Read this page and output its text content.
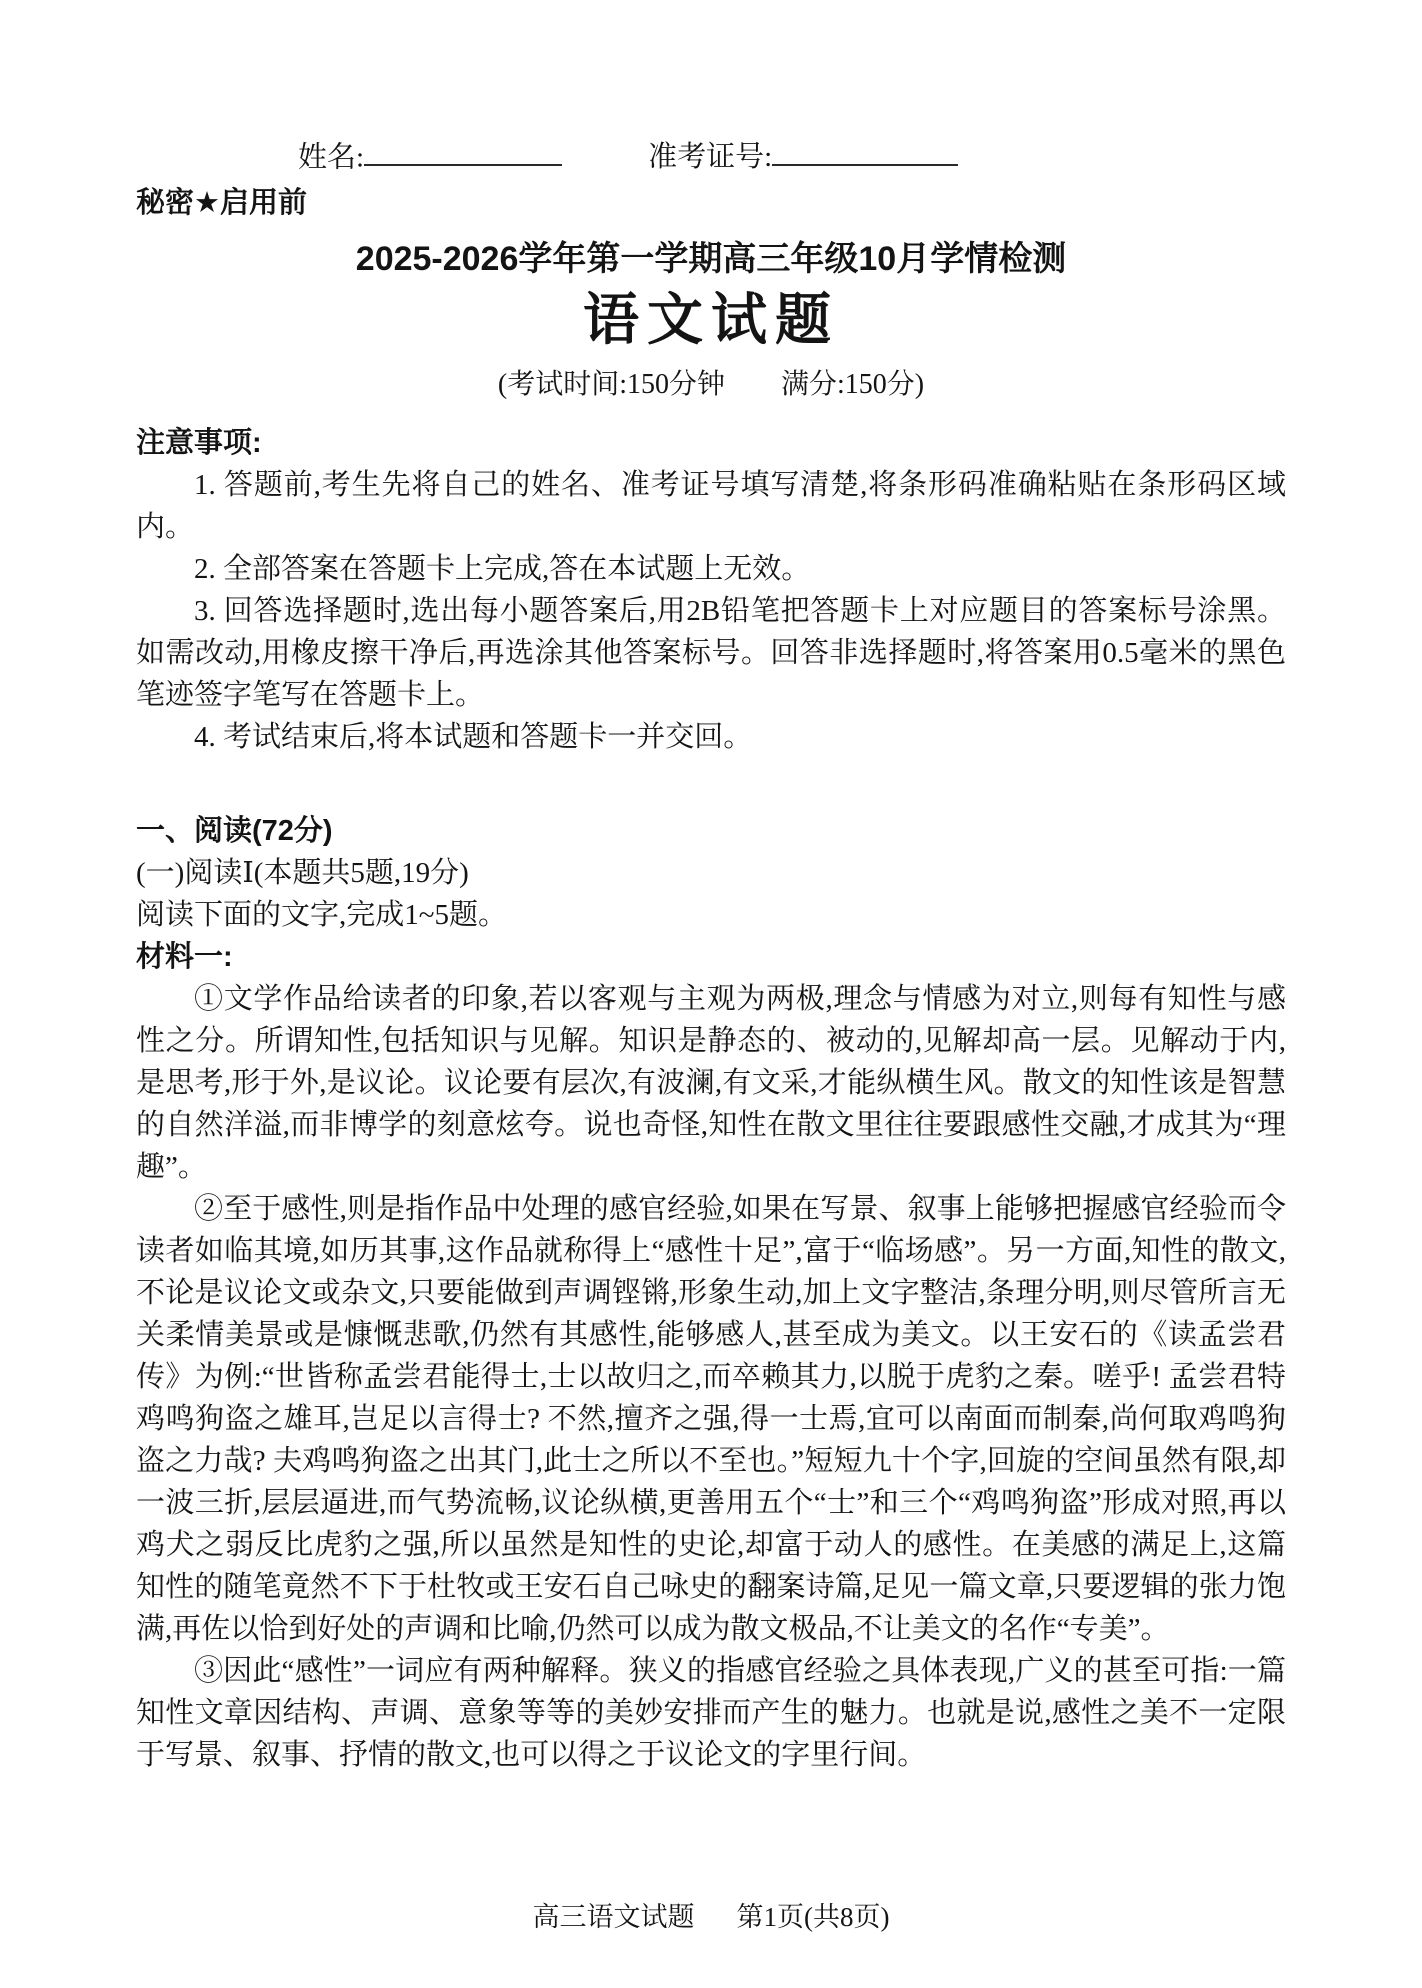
姓名:	准考证号:
秘密★启用前
2025-2026学年第一学期高三年级10月学情检测
语文试题
(考试时间:150分钟　　满分:150分)
注意事项:

1. 答题前,考生先将自己的姓名、准考证号填写清楚,将条形码准确粘贴在条形码区域内。

2. 全部答案在答题卡上完成,答在本试题上无效。

3. 回答选择题时,选出每小题答案后,用2B铅笔把答题卡上对应题目的答案标号涂黑。如需改动,用橡皮擦干净后,再选涂其他答案标号。回答非选择题时,将答案用0.5毫米的黑色笔迹签字笔写在答题卡上。

4. 考试结束后,将本试题和答题卡一并交回。

一、阅读(72分)
(一)阅读Ⅰ(本题共5题,19分)
阅读下面的文字,完成1~5题。
材料一:

①文学作品给读者的印象,若以客观与主观为两极,理念与情感为对立,则每有知性与感性之分。所谓知性,包括知识与见解。知识是静态的、被动的,见解却高一层。见解动于内,是思考,形于外,是议论。议论要有层次,有波澜,有文采,才能纵横生风。散文的知性该是智慧的自然洋溢,而非博学的刻意炫夸。说也奇怪,知性在散文里往往要跟感性交融,才成其为“理趣”。

②至于感性,则是指作品中处理的感官经验,如果在写景、叙事上能够把握感官经验而令读者如临其境,如历其事,这作品就称得上“感性十足”,富于“临场感”。另一方面,知性的散文,不论是议论文或杂文,只要能做到声调铿锵,形象生动,加上文字整洁,条理分明,则尽管所言无关柔情美景或是慷慨悲歌,仍然有其感性,能够感人,甚至成为美文。以王安石的《读孟尝君传》为例:“世皆称孟尝君能得士,士以故归之,而卒赖其力,以脱于虎豹之秦。嗟乎! 孟尝君特鸡鸣狗盗之雄耳,岂足以言得士? 不然,擅齐之强,得一士焉,宜可以南面而制秦,尚何取鸡鸣狗盗之力哉? 夫鸡鸣狗盗之出其门,此士之所以不至也。”短短九十个字,回旋的空间虽然有限,却一波三折,层层逼进,而气势流畅,议论纵横,更善用五个“士”和三个“鸡鸣狗盗”形成对照,再以鸡犬之弱反比虎豹之强,所以虽然是知性的史论,却富于动人的感性。在美感的满足上,这篇知性的随笔竟然不下于杜牧或王安石自己咏史的翻案诗篇,足见一篇文章,只要逻辑的张力饱满,再佐以恰到好处的声调和比喻,仍然可以成为散文极品,不让美文的名作“专美”。

③因此“感性”一词应有两种解释。狭义的指感官经验之具体表现,广义的甚至可指:一篇知性文章因结构、声调、意象等等的美妙安排而产生的魅力。也就是说,感性之美不一定限于写景、叙事、抒情的散文,也可以得之于议论文的字里行间。

高三语文试题 第1页(共8页)
